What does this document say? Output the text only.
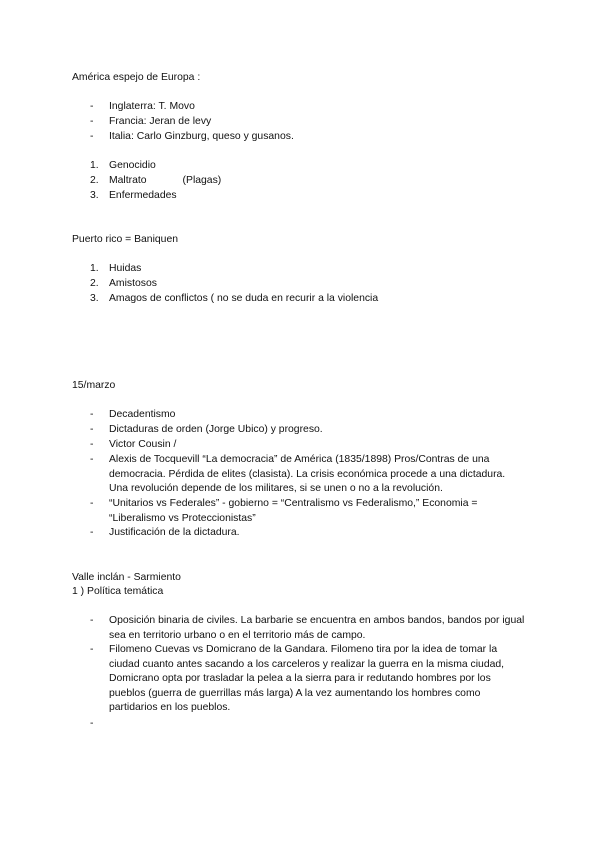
América espejo de Europa :
- Inglaterra: T. Movo
- Francia: Jeran de levy
- Italia: Carlo Ginzburg, queso y gusanos.
1. Genocidio
2. Maltrato	(Plagas)
3. Enfermedades
Puerto rico = Baniquen
1. Huidas
2. Amistosos
3. Amagos de conflictos ( no se duda en recurir a la violencia
15/marzo
- Decadentismo
- Dictaduras de orden (Jorge Ubico) y progreso.
- Victor Cousin /
- Alexis de Tocquevill “La democracia” de América (1835/1898) Pros/Contras de una democracia. Pérdida de elites (clasista). La crisis económica procede a una dictadura. Una revolución depende de los militares, si se unen o no a la revolución.
- “Unitarios vs Federales” - gobierno = “Centralismo vs Federalismo,” Economia = “Liberalismo vs Proteccionistas”
- Justificación de la dictadura.
Valle inclán - Sarmiento
1 ) Política temática
- Oposición binaria de civiles. La barbarie se encuentra en ambos bandos, bandos por igual sea en territorio urbano o en el territorio más de campo.
- Filomeno Cuevas vs Domicrano de la Gandara. Filomeno tira por la idea de tomar la ciudad cuanto antes sacando a los carceleros y realizar la guerra en la misma ciudad, Domicrano opta por trasladar la pelea a la sierra para ir redutando hombres por los pueblos (guerra de guerrillas más larga) A la vez aumentando los hombres como partidarios en los pueblos.
-
